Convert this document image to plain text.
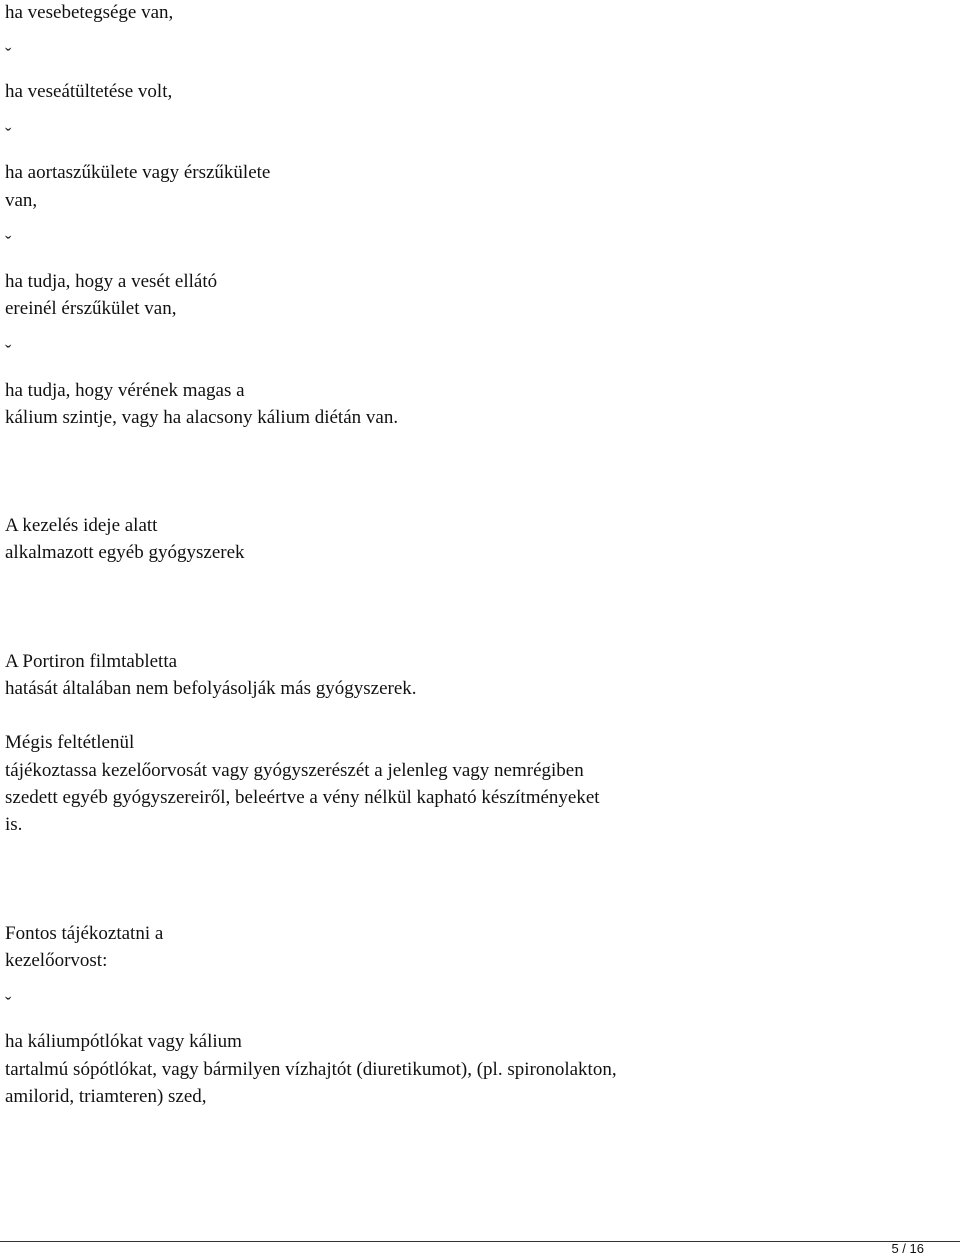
ha vesebetegsége van,
ˇ
ha veseátültetése volt,
ˇ
ha aortaszűkülete vagy érszűkülete
van,
ˇ
ha tudja, hogy a vesét ellátó
ereinél érszűkület van,
ˇ
ha tudja, hogy vérének magas a
kálium szintje, vagy ha alacsony kálium diétán van.
A kezelés ideje alatt
alkalmazott egyéb gyógyszerek
A Portiron filmtabletta
hatását általában nem befolyásolják más gyógyszerek.
Mégis feltétlenül
tájékoztassa kezelőorvosát vagy gyógyszerészét a jelenleg vagy nemrégiben
szedett egyéb gyógyszereiről, beleértve a vény nélkül kapható készítményeket
is.
Fontos tájékoztatni a
kezelőorvost:
ˇ
ha káliumpótlókat vagy kálium
tartalmú sópótlókat, vagy bármilyen vízhajtót (diuretikumot), (pl. spironolakton,
amilorid, triamteren) szed,
5 / 16
